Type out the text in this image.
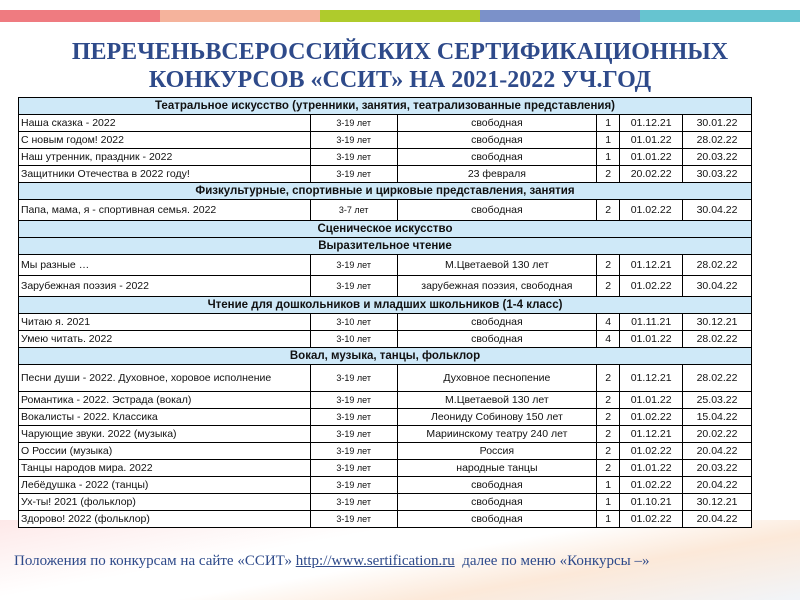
ПЕРЕЧЕНЬВСЕРОССИЙСКИХ СЕРТИФИКАЦИОННЫХ
КОНКУРСОВ «ССИТ» НА 2021-2022 УЧ.ГОД
Театральное искусство (утренники, занятия, театрализованные представления)					
Наша сказка - 2022	3-19 лет	свободная	1	01.12.21	30.01.22
С новым годом! 2022	3-19 лет	свободная	1	01.01.22	28.02.22
Наш утренник, праздник - 2022	3-19 лет	свободная	1	01.01.22	20.03.22
Защитники Отечества в 2022 году!	3-19 лет	23 февраля	2	20.02.22	30.03.22
Физкультурные, спортивные и цирковые представления, занятия					
Папа, мама, я - спортивная семья. 2022	3-7 лет	свободная	2	01.02.22	30.04.22
Сценическое искусство					
Выразительное чтение					
Мы разные …	3-19 лет	М.Цветаевой 130 лет	2	01.12.21	28.02.22
Зарубежная поэзия - 2022	3-19 лет	зарубежная поэзия, свободная	2	01.02.22	30.04.22
Чтение для дошкольников и младших школьников (1-4 класс)					
Читаю я. 2021	3-10 лет	свободная	4	01.11.21	30.12.21
Умею читать. 2022	3-10 лет	свободная	4	01.01.22	28.02.22
Вокал, музыка, танцы, фольклор					
Песни души - 2022. Духовное, хоровое исполнение	3-19 лет	Духовное песнопение	2	01.12.21	28.02.22
Романтика - 2022. Эстрада (вокал)	3-19 лет	М.Цветаевой 130 лет	2	01.01.22	25.03.22
Вокалисты - 2022. Классика	3-19 лет	Леониду Собинову 150 лет	2	01.02.22	15.04.22
Чарующие звуки. 2022 (музыка)	3-19 лет	Мариинскому театру 240 лет	2	01.12.21	20.02.22
О России (музыка)	3-19 лет	Россия	2	01.02.22	20.04.22
Танцы народов мира. 2022	3-19 лет	народные танцы	2	01.01.22	20.03.22
Лебёдушка - 2022 (танцы)	3-19 лет	свободная	1	01.02.22	20.04.22
Ух-ты! 2021 (фольклор)	3-19 лет	свободная	1	01.10.21	30.12.21
Здорово! 2022 (фольклор)	3-19 лет	свободная	1	01.02.22	20.04.22
Положения по конкурсам на сайте «ССИТ» http://www.sertification.ru  далее по меню «Конкурсы –»
